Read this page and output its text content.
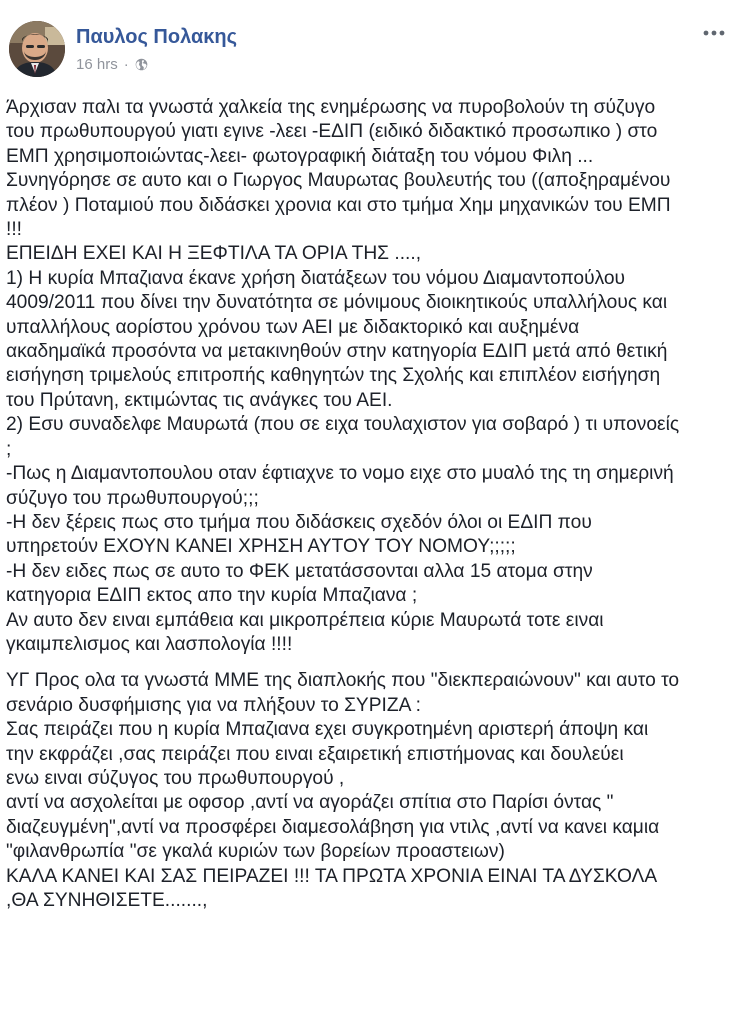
Παυλος Πολακης
16 hrs ·

Άρχισαν παλι τα γνωστά χαλκεία της ενημέρωσης να πυροβολούν τη σύζυγο
του πρωθυπουργού γιατι εγινε -λεει -ΕΔΙΠ (ειδικό διδακτικό προσωπικο ) στο
ΕΜΠ χρησιμοποιώντας-λεει- φωτογραφική διάταξη του νόμου Φιλη ...
Συνηγόρησε σε αυτο και ο Γιωργος Μαυρωτας βουλευτής του ((αποξηραμένου
πλέον ) Ποταμιού που διδάσκει χρονια και στο τμήμα Χημ μηχανικών του ΕΜΠ
!!!
ΕΠΕΙΔΗ ΕΧΕΙ ΚΑΙ Η ΞΕΦΤΙΛΑ ΤΑ ΟΡΙΑ ΤΗΣ ....,
1) Η κυρία Μπαζιανα έκανε χρήση διατάξεων του νόμου Διαμαντοπούλου
4009/2011 που δίνει την δυνατότητα σε μόνιμους διοικητικούς υπαλλήλους και
υπαλλήλους αορίστου χρόνου των ΑΕΙ με διδακτορικό και αυξημένα
ακαδημαϊκά προσόντα να μετακινηθούν στην κατηγορία ΕΔΙΠ μετά από θετική
εισήγηση τριμελούς επιτροπής καθηγητών της Σχολής και επιπλέον εισήγηση
του Πρύτανη, εκτιμώντας τις ανάγκες του ΑΕΙ.
2) Εσυ συναδελφε Μαυρωτά (που σε ειχα τουλαχιστον για σοβαρό ) τι υπονοείς
;
-Πως η Διαμαντοπουλου οταν έφτιαχνε το νομο ειχε στο μυαλό της τη σημερινή
σύζυγο του πρωθυπουργού;;;
-Η δεν ξέρεις πως στο τμήμα που διδάσκεις σχεδόν όλοι οι ΕΔΙΠ που
υπηρετούν ΕΧΟΥΝ ΚΑΝΕΙ ΧΡΗΣΗ ΑΥΤΟΥ ΤΟΥ ΝΟΜΟΥ;;;;;
-Η δεν ειδες πως σε αυτο το ΦΕΚ μετατάσσονται αλλα 15 ατομα στην
κατηγορια ΕΔΙΠ εκτος απο την κυρία Μπαζιανα ;
Αν αυτο δεν ειναι εμπάθεια και μικροπρέπεια κύριε Μαυρωτά τοτε ειναι
γκαιμπελισμος και λασπολογία !!!!

ΥΓ Προς ολα τα γνωστά ΜΜΕ της διαπλοκής που "διεκπεραιώνουν" και αυτο το
σενάριο δυσφήμισης για να πλήξουν το ΣΥΡΙΖΑ :
Σας πειράζει που η κυρία Μπαζιανα εχει συγκροτημένη αριστερή άποψη και
την εκφράζει ,σας πειράζει που ειναι εξαιρετική επιστήμονας και δουλεύει
ενω ειναι σύζυγος του πρωθυπουργού ,
αντί να ασχολείται με οφσορ ,αντί να αγοράζει σπίτια στο Παρίσι όντας "
διαζευγμένη",αντί να προσφέρει διαμεσολάβηση για ντιλς ,αντί να κανει καμια
"φιλανθρωπία "σε γκαλά κυριών των βορείων προαστειων)
ΚΑΛΑ ΚΑΝΕΙ ΚΑΙ ΣΑΣ ΠΕΙΡΑΖΕΙ !!! ΤΑ ΠΡΩΤΑ ΧΡΟΝΙΑ ΕΙΝΑΙ ΤΑ ΔΥΣΚΟΛΑ
,ΘΑ ΣΥΝΗΘΙΣΕΤΕ.......,
